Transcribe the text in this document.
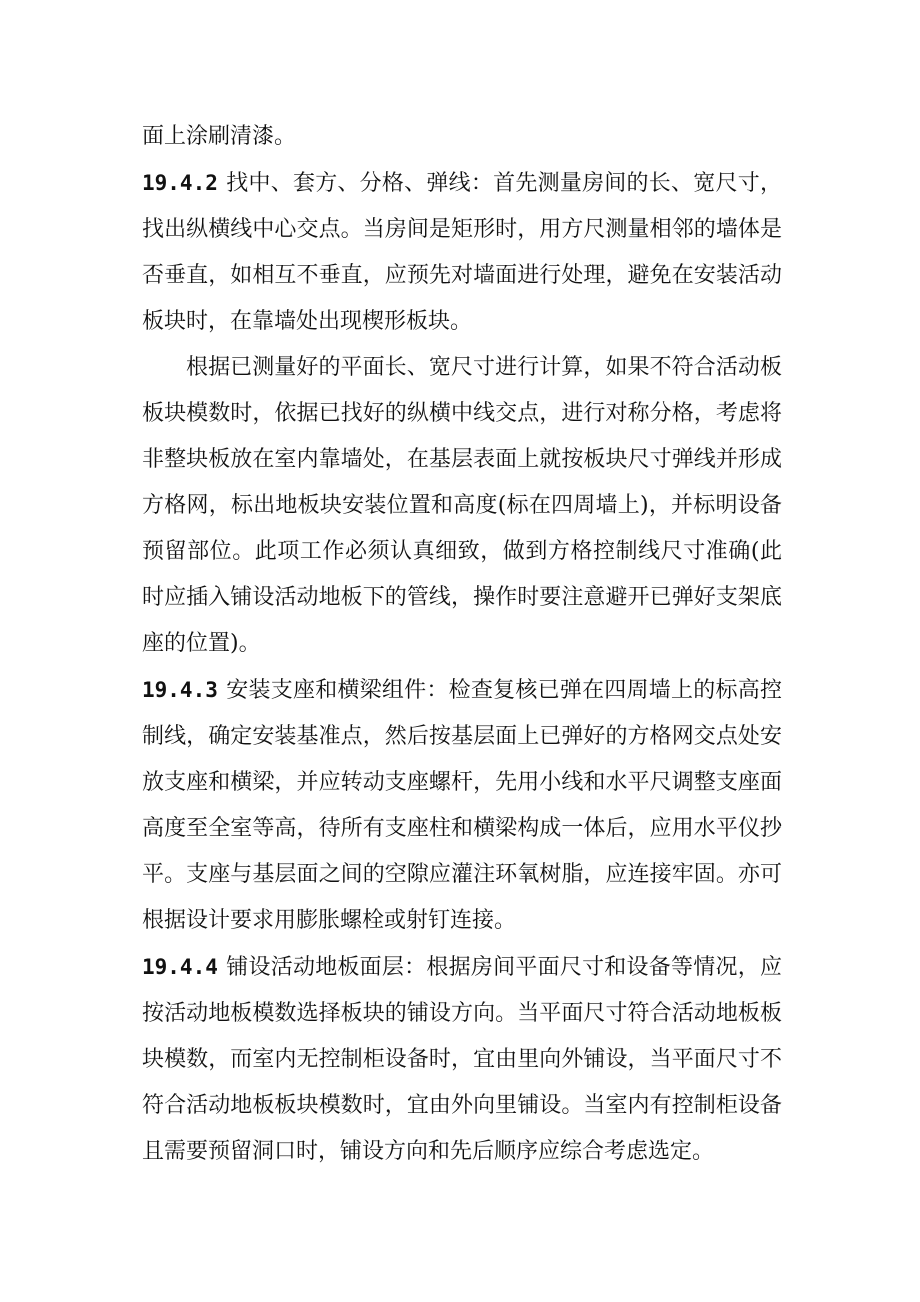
面上涂刷清漆。

19.4.2 找中、套方、分格、弹线：首先测量房间的长、宽尺寸，找出纵横线中心交点。当房间是矩形时，用方尺测量相邻的墙体是否垂直，如相互不垂直，应预先对墙面进行处理，避免在安装活动板块时，在靠墙处出现楔形板块。

根据已测量好的平面长、宽尺寸进行计算，如果不符合活动板板块模数时，依据已找好的纵横中线交点，进行对称分格，考虑将非整块板放在室内靠墙处，在基层表面上就按板块尺寸弹线并形成方格网，标出地板块安装位置和高度(标在四周墙上)，并标明设备预留部位。此项工作必须认真细致，做到方格控制线尺寸准确(此时应插入铺设活动地板下的管线，操作时要注意避开已弹好支架底座的位置)。

19.4.3 安装支座和横梁组件：检查复核已弹在四周墙上的标高控制线，确定安装基准点，然后按基层面上已弹好的方格网交点处安放支座和横梁，并应转动支座螺杆，先用小线和水平尺调整支座面高度至全室等高，待所有支座柱和横梁构成一体后，应用水平仪抄平。支座与基层面之间的空隙应灌注环氧树脂，应连接牢固。亦可根据设计要求用膨胀螺栓或射钉连接。

19.4.4 铺设活动地板面层：根据房间平面尺寸和设备等情况，应按活动地板模数选择板块的铺设方向。当平面尺寸符合活动地板板块模数，而室内无控制柜设备时，宜由里向外铺设，当平面尺寸不符合活动地板板块模数时，宜由外向里铺设。当室内有控制柜设备且需要预留洞口时，铺设方向和先后顺序应综合考虑选定。
